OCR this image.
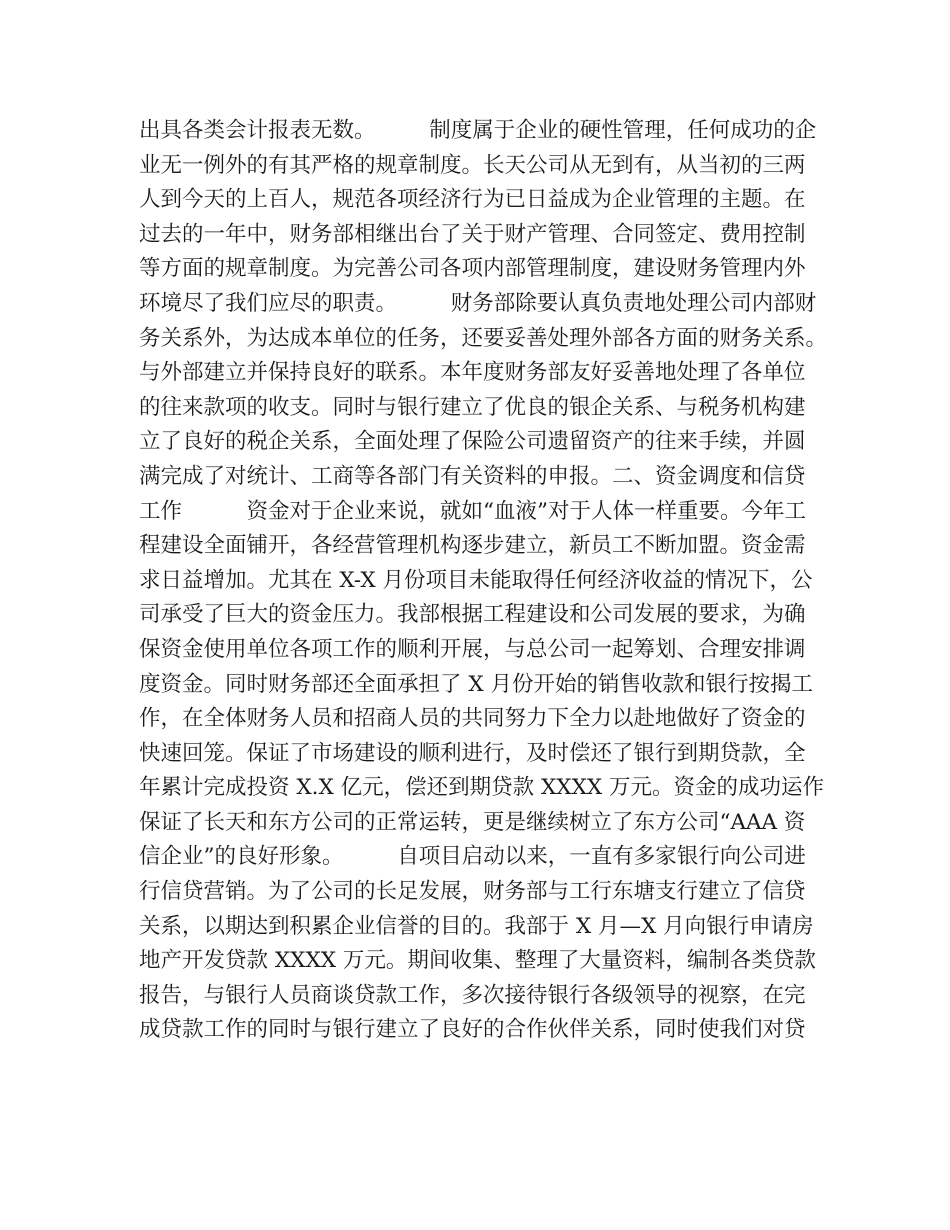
出具各类会计报表无数。　　　制度属于企业的硬性管理，任何成功的企
业无一例外的有其严格的规章制度。长天公司从无到有，从当初的三两
人到今天的上百人，规范各项经济行为已日益成为企业管理的主题。在
过去的一年中，财务部相继出台了关于财产管理、合同签定、费用控制
等方面的规章制度。为完善公司各项内部管理制度，建设财务管理内外
环境尽了我们应尽的职责。　　　财务部除要认真负责地处理公司内部财
务关系外，为达成本单位的任务，还要妥善处理外部各方面的财务关系。
与外部建立并保持良好的联系。本年度财务部友好妥善地处理了各单位
的往来款项的收支。同时与银行建立了优良的银企关系、与税务机构建
立了良好的税企关系，全面处理了保险公司遗留资产的往来手续，并圆
满完成了对统计、工商等各部门有关资料的申报。二、资金调度和信贷
工作　　　资金对于企业来说，就如“血液”对于人体一样重要。今年工
程建设全面铺开，各经营管理机构逐步建立，新员工不断加盟。资金需
求日益增加。尤其在 X-X 月份项目未能取得任何经济收益的情况下，公
司承受了巨大的资金压力。我部根据工程建设和公司发展的要求，为确
保资金使用单位各项工作的顺利开展，与总公司一起筹划、合理安排调
度资金。同时财务部还全面承担了 X 月份开始的销售收款和银行按揭工
作，在全体财务人员和招商人员的共同努力下全力以赴地做好了资金的
快速回笼。保证了市场建设的顺利进行，及时偿还了银行到期贷款，全
年累计完成投资 X.X 亿元，偿还到期贷款 XXXX 万元。资金的成功运作
保证了长天和东方公司的正常运转，更是继续树立了东方公司“AAA 资
信企业”的良好形象。　　　自项目启动以来，一直有多家银行向公司进
行信贷营销。为了公司的长足发展，财务部与工行东塘支行建立了信贷
关系，以期达到积累企业信誉的目的。我部于 X 月—X 月向银行申请房
地产开发贷款 XXXX 万元。期间收集、整理了大量资料，编制各类贷款
报告，与银行人员商谈贷款工作，多次接待银行各级领导的视察，在完
成贷款工作的同时与银行建立了良好的合作伙伴关系，同时使我们对贷
